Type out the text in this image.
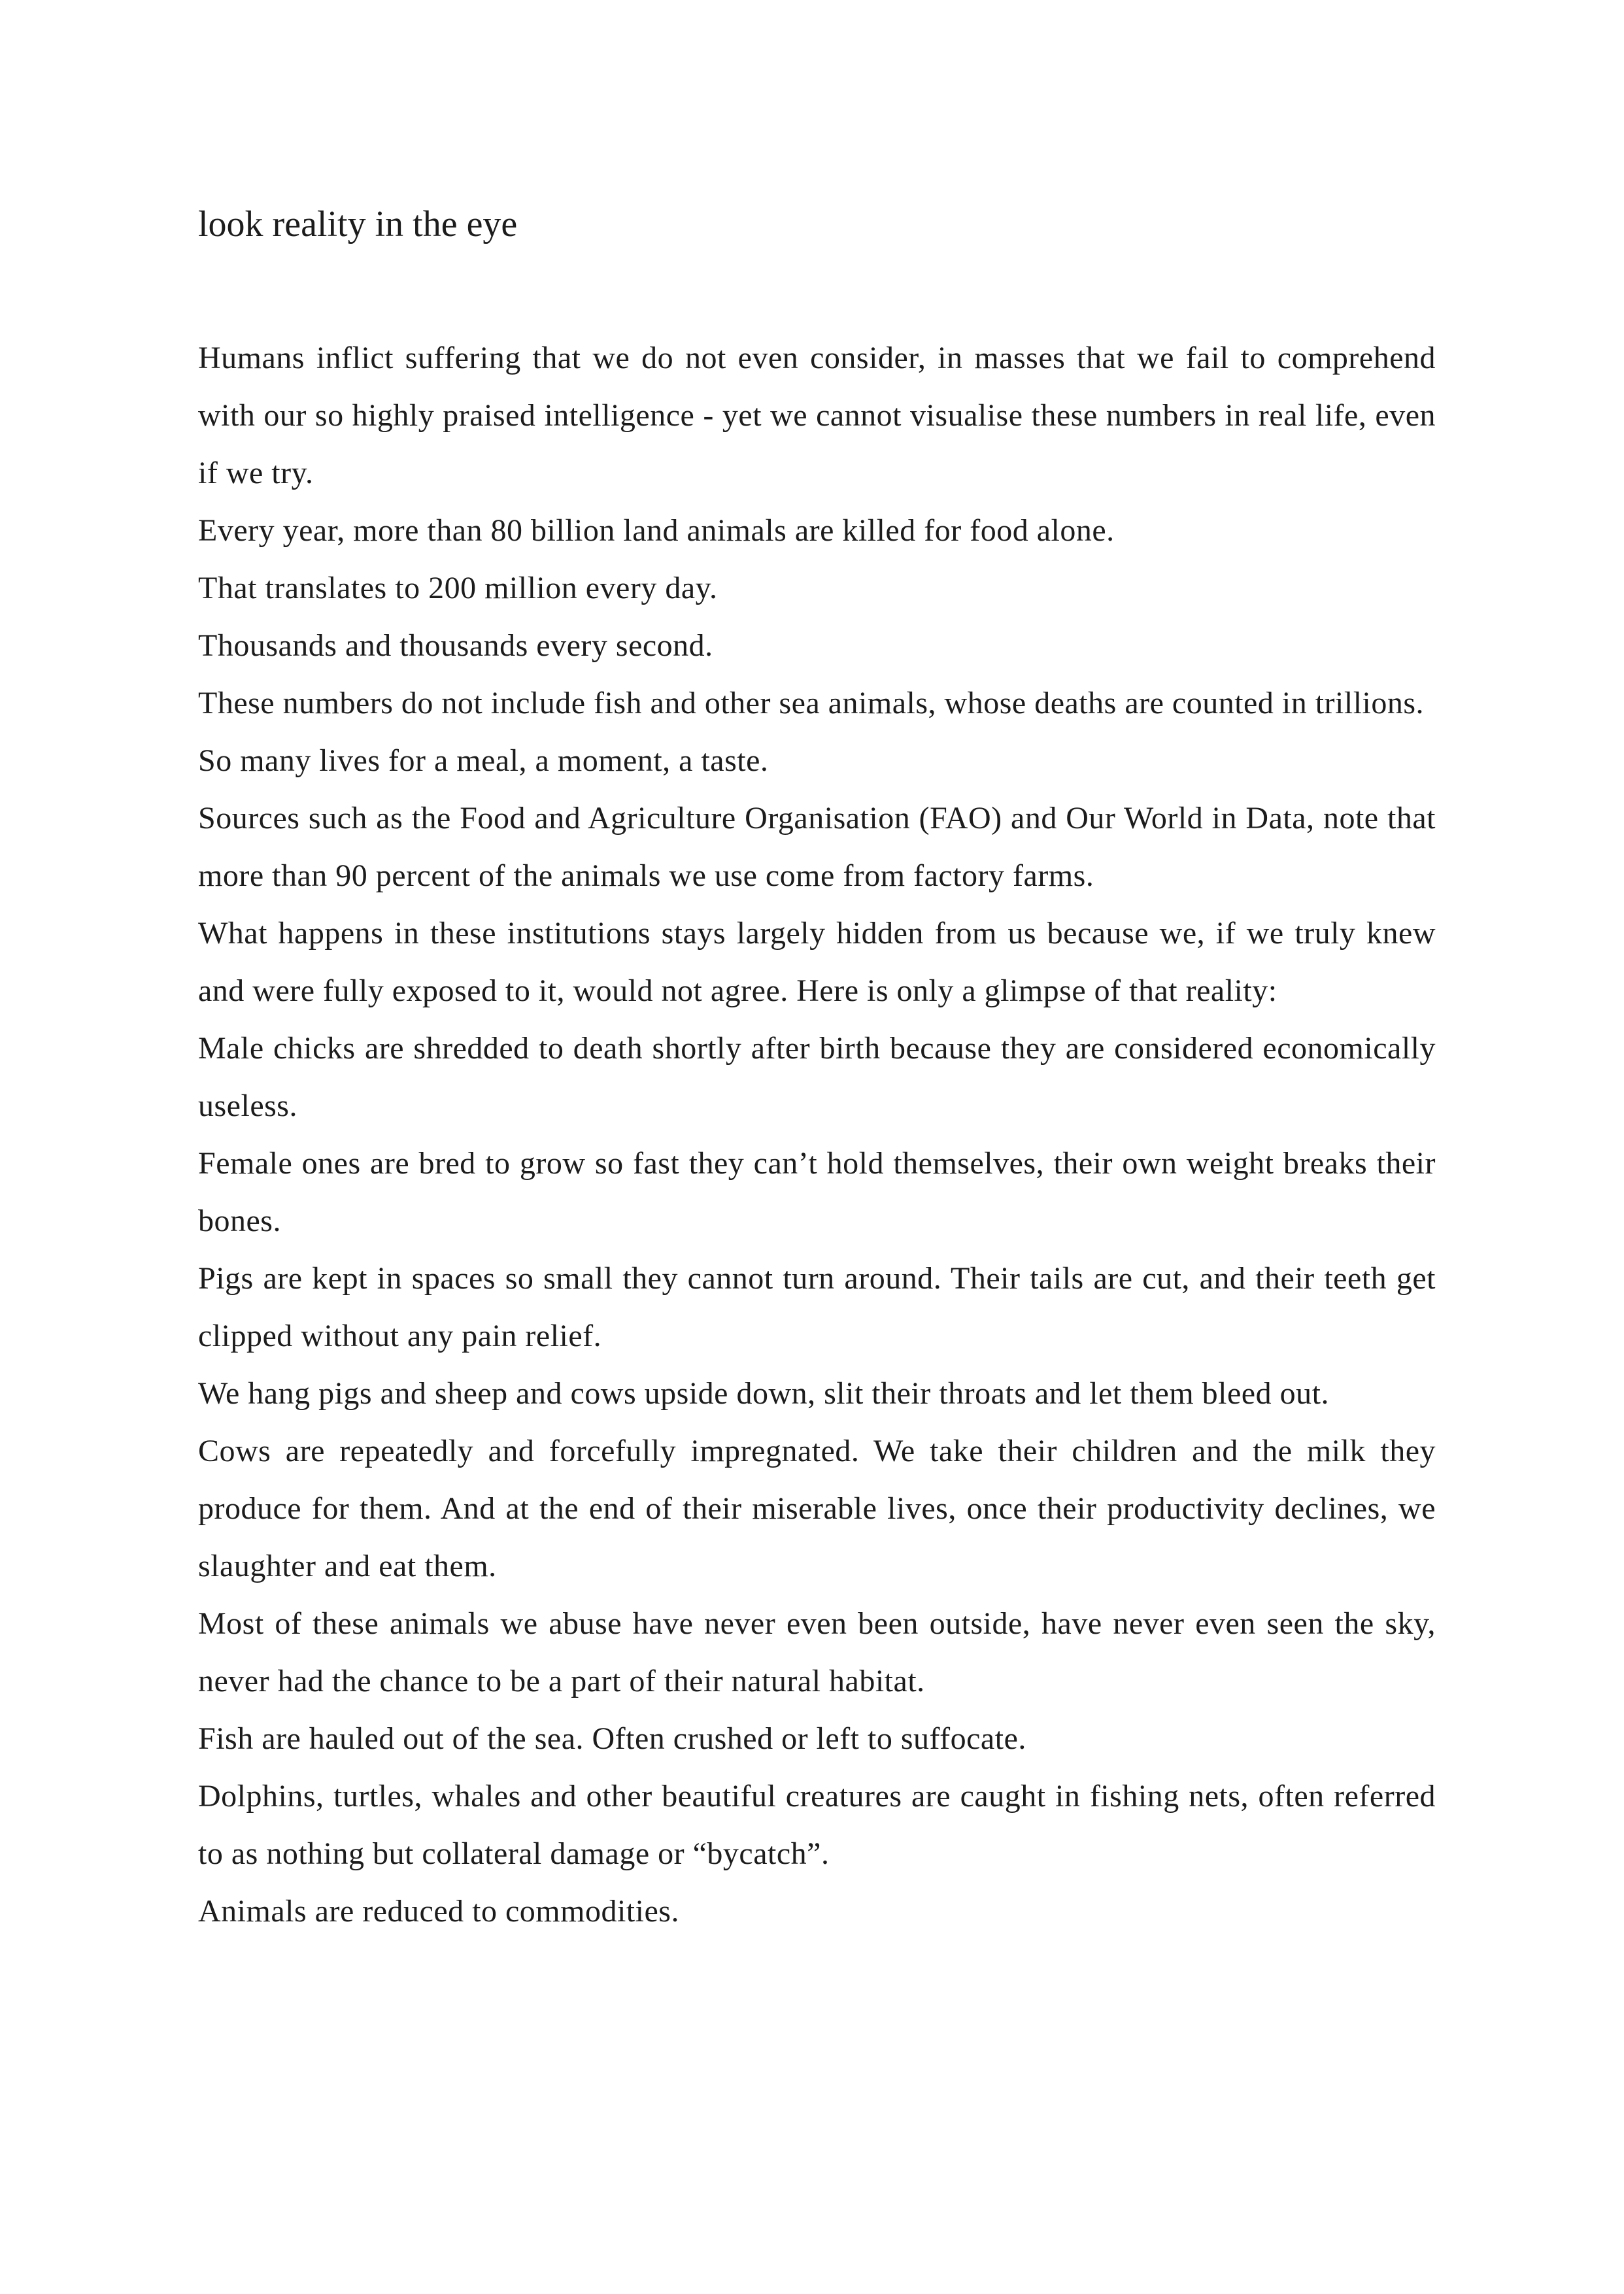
look reality in the eye

Humans inflict suffering that we do not even consider, in masses that we fail to comprehend with our so highly praised intelligence - yet we cannot visualise these numbers in real life, even if we try.

Every year, more than 80 billion land animals are killed for food alone.

That translates to 200 million every day.

Thousands and thousands every second.

These numbers do not include fish and other sea animals, whose deaths are counted in trillions.

So many lives for a meal, a moment, a taste.

Sources such as the Food and Agriculture Organisation (FAO) and Our World in Data, note that more than 90 percent of the animals we use come from factory farms.

What happens in these institutions stays largely hidden from us because we, if we truly knew and were fully exposed to it, would not agree. Here is only a glimpse of that reality:

Male chicks are shredded to death shortly after birth because they are considered economically useless.

Female ones are bred to grow so fast they can’t hold themselves, their own weight breaks their bones.

Pigs are kept in spaces so small they cannot turn around. Their tails are cut, and their teeth get clipped without any pain relief.

We hang pigs and sheep and cows upside down, slit their throats and let them bleed out.

Cows are repeatedly and forcefully impregnated. We take their children and the milk they produce for them. And at the end of their miserable lives, once their productivity declines, we slaughter and eat them.

Most of these animals we abuse have never even been outside, have never even seen the sky, never had the chance to be a part of their natural habitat.

Fish are hauled out of the sea. Often crushed or left to suffocate.

Dolphins, turtles, whales and other beautiful creatures are caught in fishing nets, often referred to as nothing but collateral damage or “bycatch”.

Animals are reduced to commodities.
